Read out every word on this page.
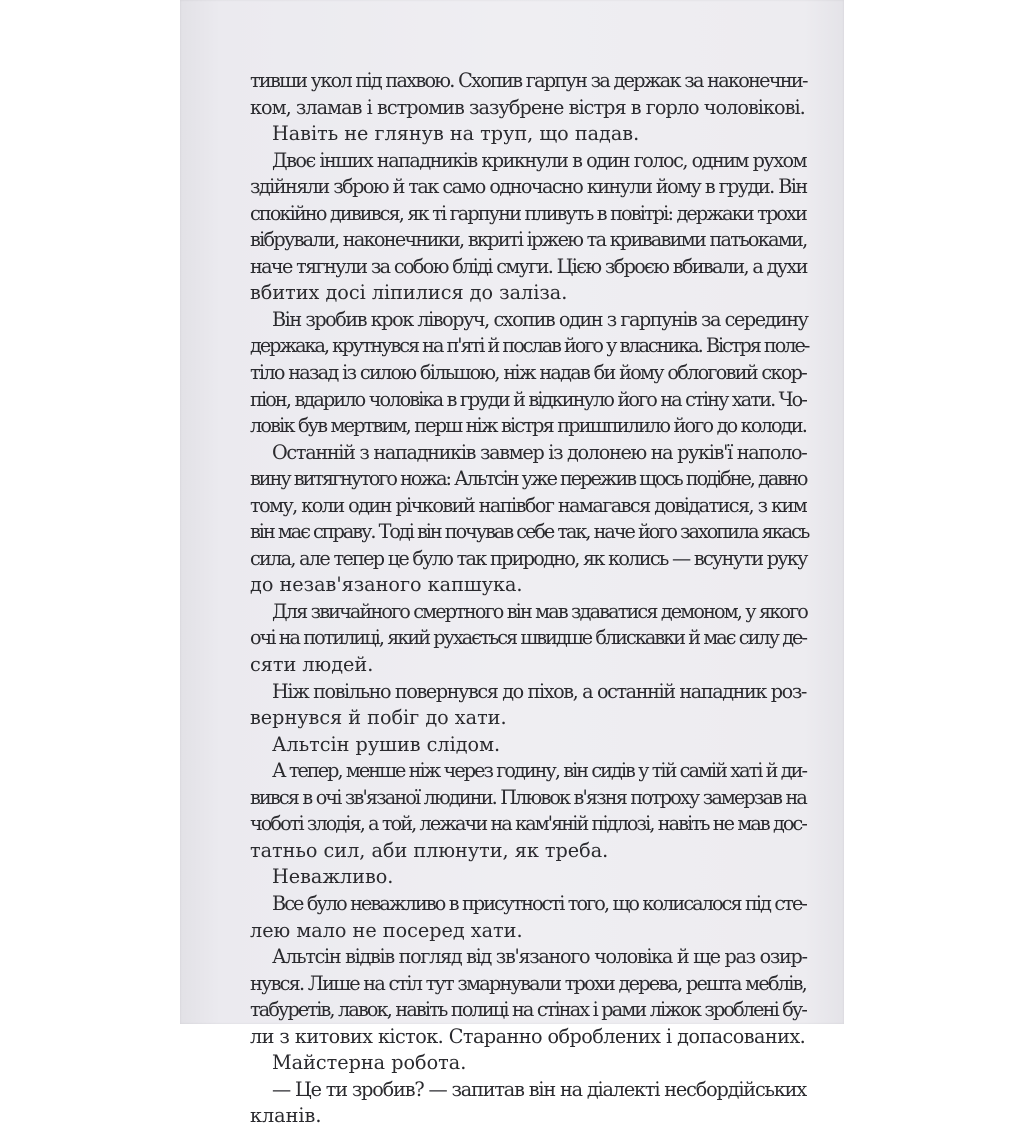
тивши укол під пахвою. Схопив гарпун за держак за наконечни-
ком, зламав і встромив зазубрене вістря в горло чоловікові.
Навіть не глянув на труп, що падав.
Двоє інших нападників крикнули в один голос, одним рухом
здійняли зброю й так само одночасно кинули йому в груди. Він
спокійно дивився, як ті гарпуни пливуть в повітрі: держаки трохи
вібрували, наконечники, вкриті іржею та кривавими патьоками,
наче тягнули за собою бліді смуги. Цією зброєю вбивали, а духи
вбитих досі ліпилися до заліза.
Він зробив крок ліворуч, схопив один з гарпунів за середину
держака, крутнувся на п'яті й послав його у власника. Вістря поле-
тіло назад із силою більшою, ніж надав би йому облоговий скор-
піон, вдарило чоловіка в груди й відкинуло його на стіну хати. Чо-
ловік був мертвим, перш ніж вістря пришпилило його до колоди.
Останній з нападників завмер із долонею на руків'ї наполо-
вину витягнутого ножа: Альтсін уже пережив щось подібне, давно
тому, коли один річковий напівбог намагався довідатися, з ким
він має справу. Тоді він почував себе так, наче його захопила якась
сила, але тепер це було так природно, як колись — всунути руку
до незав'язаного капшука.
Для звичайного смертного він мав здаватися демоном, у якого
очі на потилиці, який рухається швидше блискавки й має силу де-
сяти людей.
Ніж повільно повернувся до піхов, а останній нападник роз-
вернувся й побіг до хати.
Альтсін рушив слідом.
А тепер, менше ніж через годину, він сидів у тій самій хаті й ди-
вився в очі зв'язаної людини. Плювок в'язня потроху замерзав на
чоботі злодія, а той, лежачи на кам'яній підлозі, навіть не мав дос-
татньо сил, аби плюнути, як треба.
Неважливо.
Все було неважливо в присутності того, що колисалося під сте-
лею мало не посеред хати.
Альтсін відвів погляд від зв'язаного чоловіка й ще раз озир-
нувся. Лише на стіл тут змарнували трохи дерева, решта меблів,
табуретів, лавок, навіть полиці на стінах і рами ліжок зроблені бу-
ли з китових кісток. Старанно оброблених і допасованих.
Майстерна робота.
— Це ти зробив? — запитав він на діалекті несбордійських
кланів.
